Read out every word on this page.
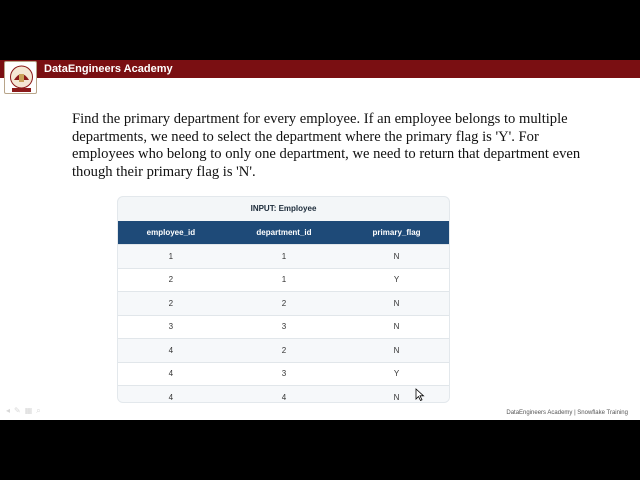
DataEngineers Academy

Find the primary department for every employee. If an employee belongs to multiple departments, we need to select the department where the primary flag is 'Y'. For employees who belong to only one department, we need to return that department even though their primary flag is 'N'.

INPUT: Employee
employee_id	department_id	primary_flag
1	1	N
2	1	Y
2	2	N
3	3	N
4	2	N
4	3	Y
4	4	N
◂✎▦⌕	DataEngineers Academy | Snowflake Training
